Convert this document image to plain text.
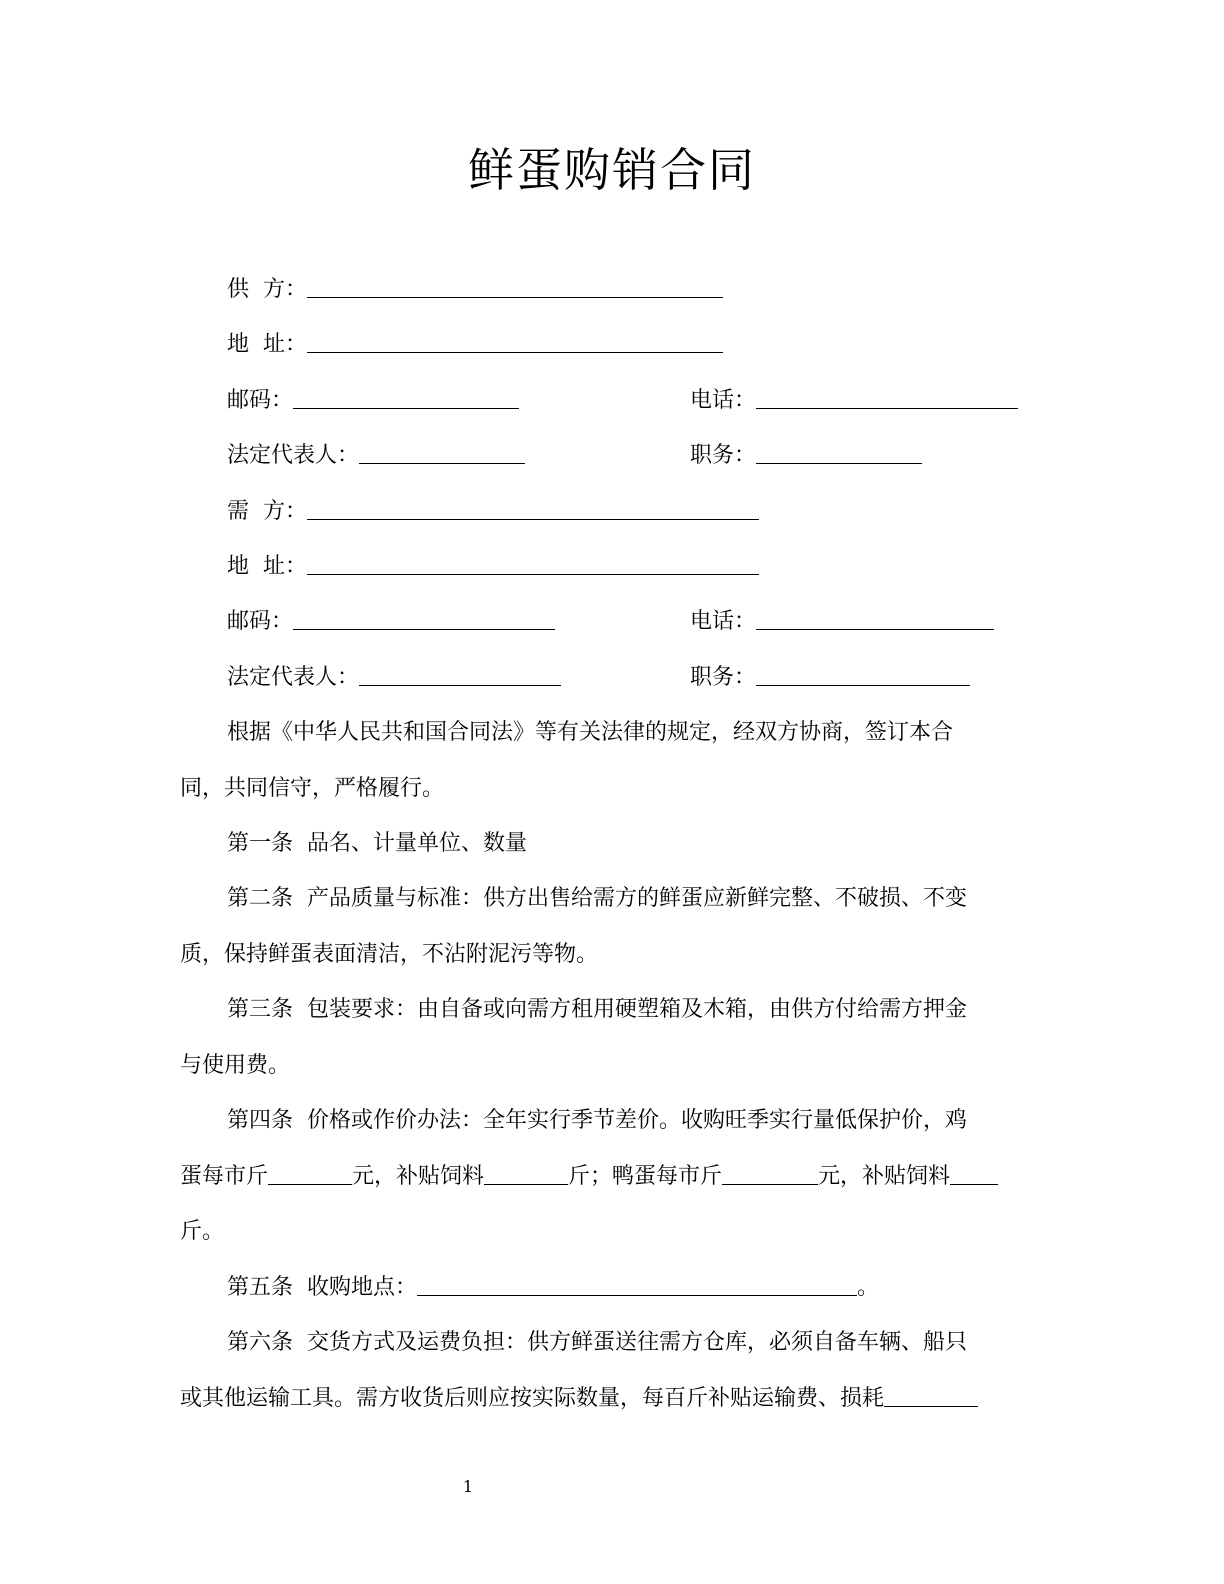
鲜蛋购销合同
供 方：
地 址：
邮码：	电话：
法定代表人：	职务：
需 方：
地 址：
邮码：	电话：
法定代表人：	职务：
根据《中华人民共和国合同法》等有关法律的规定，经双方协商，签订本合
同，共同信守，严格履行。
第一条 品名、计量单位、数量
第二条 产品质量与标准：供方出售给需方的鲜蛋应新鲜完整、不破损、不变
质，保持鲜蛋表面清洁，不沾附泥污等物。
第三条 包装要求：由自备或向需方租用硬塑箱及木箱，由供方付给需方押金
与使用费。
第四条 价格或作价办法：全年实行季节差价。收购旺季实行量低保护价，鸡
蛋每市斤	元，补贴饲料	斤；鸭蛋每市斤	元，补贴饲料
斤。
第五条 收购地点：	。
第六条 交货方式及运费负担：供方鲜蛋送往需方仓库，必须自备车辆、船只
或其他运输工具。需方收货后则应按实际数量，每百斤补贴运输费、损耗
1
